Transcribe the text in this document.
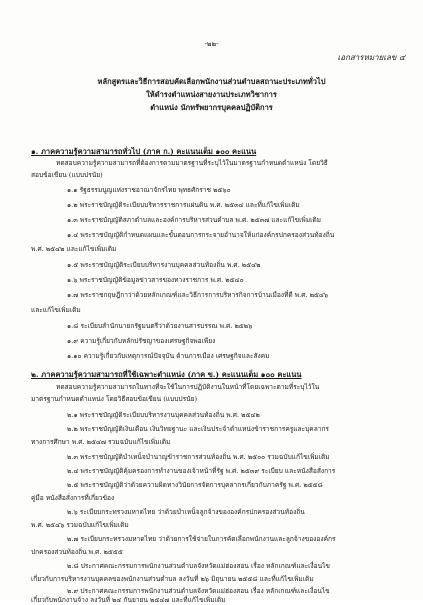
-๒๒-
เอกสารหมายเลข ๔
หลักสูตรและวิธีการสอบคัดเลือกพนักงานส่วนตำบลสถานะประเภททั่วไป
ให้ดำรงตำแหน่งสายงานประเภทวิชาการ
ตำแหน่ง นักทรัพยากรบุคคลปฏิบัติการ
๑. ภาคความรู้ความสามารถทั่วไป (ภาค ก.) คะแนนเต็ม ๑๐๐ คะแนน
ทดสอบความรู้ความสามารถที่ต้องการตามมาตรฐานที่ระบุไว้ในมาตรฐานกำหนดตำแหน่ง โดยวิธี
สอบข้อเขียน (แบบปรนัย)
๑.๑ รัฐธรรมนูญแห่งราชอาณาจักรไทย พุทธศักราช ๒๕๖๐
๑.๒ พระราชบัญญัติระเบียบบริหารราชการแผ่นดิน พ.ศ. ๒๕๓๔ และที่แก้ไขเพิ่มเติม
๑.๓ พระราชบัญญัติสภาตำบลและองค์การบริหารส่วนตำบล พ.ศ. ๒๕๓๗ และแก้ไขเพิ่มเติม
๑.๔ พระราชบัญญัติกำหนดแผนและขั้นตอนการกระจายอำนาจให้แก่องค์กรปกครองส่วนท้องถิ่น
พ.ศ. ๒๕๔๒ และแก้ไขเพิ่มเติม
๑.๕ พระราชบัญญัติระเบียบบริหารงานบุคคลส่วนท้องถิ่น พ.ศ. ๒๕๔๒
๑.๖ พระราชบัญญัติข้อมูลข่าวสารของทางราชการ พ.ศ. ๒๕๔๐
๑.๗ พระราชกฤษฎีกาว่าด้วยหลักเกณฑ์และวิธีการการบริหารกิจการบ้านเมืองที่ดี พ.ศ. ๒๕๔๖
และแก้ไขเพิ่มเติม
๑.๘ ระเบียบสำนักนายกรัฐมนตรีว่าด้วยงานสารบรรณ พ.ศ. ๒๕๒๖
๑.๙ ความรู้เกี่ยวกับหลักปรัชญาของเศรษฐกิจพอเพียง
๑.๑๐ ความรู้เกี่ยวกับเหตุการณ์ปัจจุบัน ด้านการเมือง เศรษฐกิจและสังคม
๒. ภาคความรู้ความสามารถที่ใช้เฉพาะตำแหน่ง (ภาค ข.) คะแนนเต็ม ๑๐๐ คะแนน
ทดสอบความรู้ความสามารถในทางที่จะใช้ในการปฏิบัติงานในหน้าที่โดยเฉพาะตามที่ระบุไว้ใน
มาตรฐานกำหนดตำแหน่ง โดยวิธีสอบข้อเขียน (แบบปรนัย)
๒.๑ พระราชบัญญัติระเบียบบริหารงานบุคคลส่วนท้องถิ่น พ.ศ. ๒๕๔๒
๒.๒ พระราชบัญญัติเงินเดือน เงินวิทยฐานะ และเงินประจำตำแหน่งข้าราชการครูและบุคลากร
ทางการศึกษา พ.ศ. ๒๕๔๗ รวมฉบับแก้ไขเพิ่มเติม
๒.๓ พระราชบัญญัติบำเหน็จบำนาญข้าราชการส่วนท้องถิ่น พ.ศ. ๒๕๐๐ รวมฉบับแก้ไขเพิ่มเติม
๒.๔ พระราชบัญญัติคุ้มครองการทำงานของเจ้าหน้าที่รัฐ พ.ศ. ๒๕๓๙ ระเบียบ และหนังสือสั่งการ
๒.๕ พระราชบัญญัติว่าด้วยความผิดทางวินัยการจัดการบุคลากรเกี่ยวกับภาครัฐ พ.ศ. ๒๕๕๘
คู่มือ หนังสือสั่งการที่เกี่ยวข้อง
๒.๖ ระเบียบกระทรวงมหาดไทย ว่าด้วยบำเหน็จลูกจ้างขององค์กรปกครองส่วนท้องถิ่น
พ.ศ. ๒๕๔๖ รวมฉบับแก้ไขเพิ่มเติม
๒.๗ ระเบียบกระทรวงมหาดไทย ว่าด้วยการใช้จ่ายในการคัดเลือกพนักงานและลูกจ้างขององค์กร
ปกครองส่วนท้องถิ่น พ.ศ. ๒๕๕๕
๒.๘ ประกาศคณะกรรมการพนักงานส่วนตำบลจังหวัดแม่ฮ่องสอน เรื่อง หลักเกณฑ์และเงื่อนไข
เกี่ยวกับการบริหารงานบุคคลของพนักงานส่วนตำบล ลงวันที่ ๒๖ มิถุนายน ๒๕๕๘ และที่แก้ไขเพิ่มเติม
๒.๙ ประกาศคณะกรรมการพนักงานส่วนตำบลจังหวัดแม่ฮ่องสอน เรื่อง หลักเกณฑ์และเงื่อนไข
เกี่ยวกับพนักงานจ้าง ลงวันที่ ๒๔ กันยายน ๒๕๔๗ และที่แก้ไขเพิ่มเติม
